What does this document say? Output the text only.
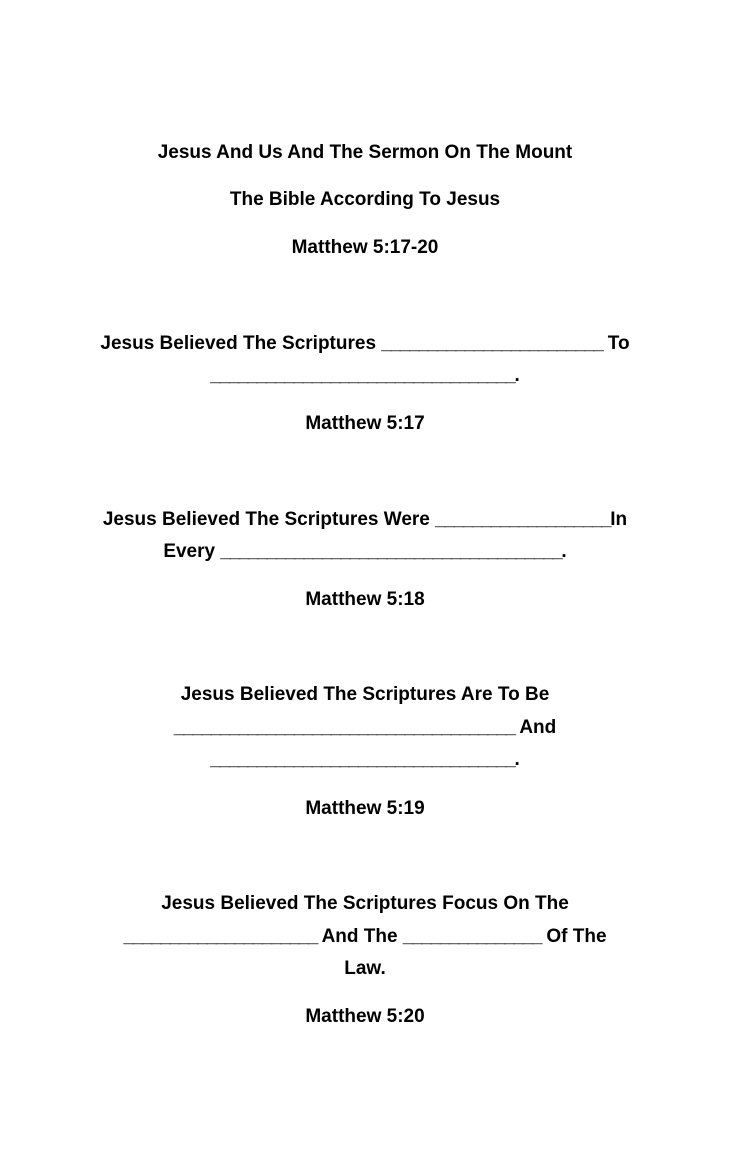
Jesus And Us And The Sermon On The Mount
The Bible According To Jesus
Matthew 5:17-20
Jesus Believed The Scriptures ________________________ To
_________________________________.
Matthew 5:17
Jesus Believed The Scriptures Were ___________________In
Every _____________________________________.
Matthew 5:18
Jesus Believed The Scriptures Are To Be
_____________________________________ And
_________________________________.
Matthew 5:19
Jesus Believed The Scriptures Focus On The
_____________________ And The _______________ Of The
Law.
Matthew 5:20
